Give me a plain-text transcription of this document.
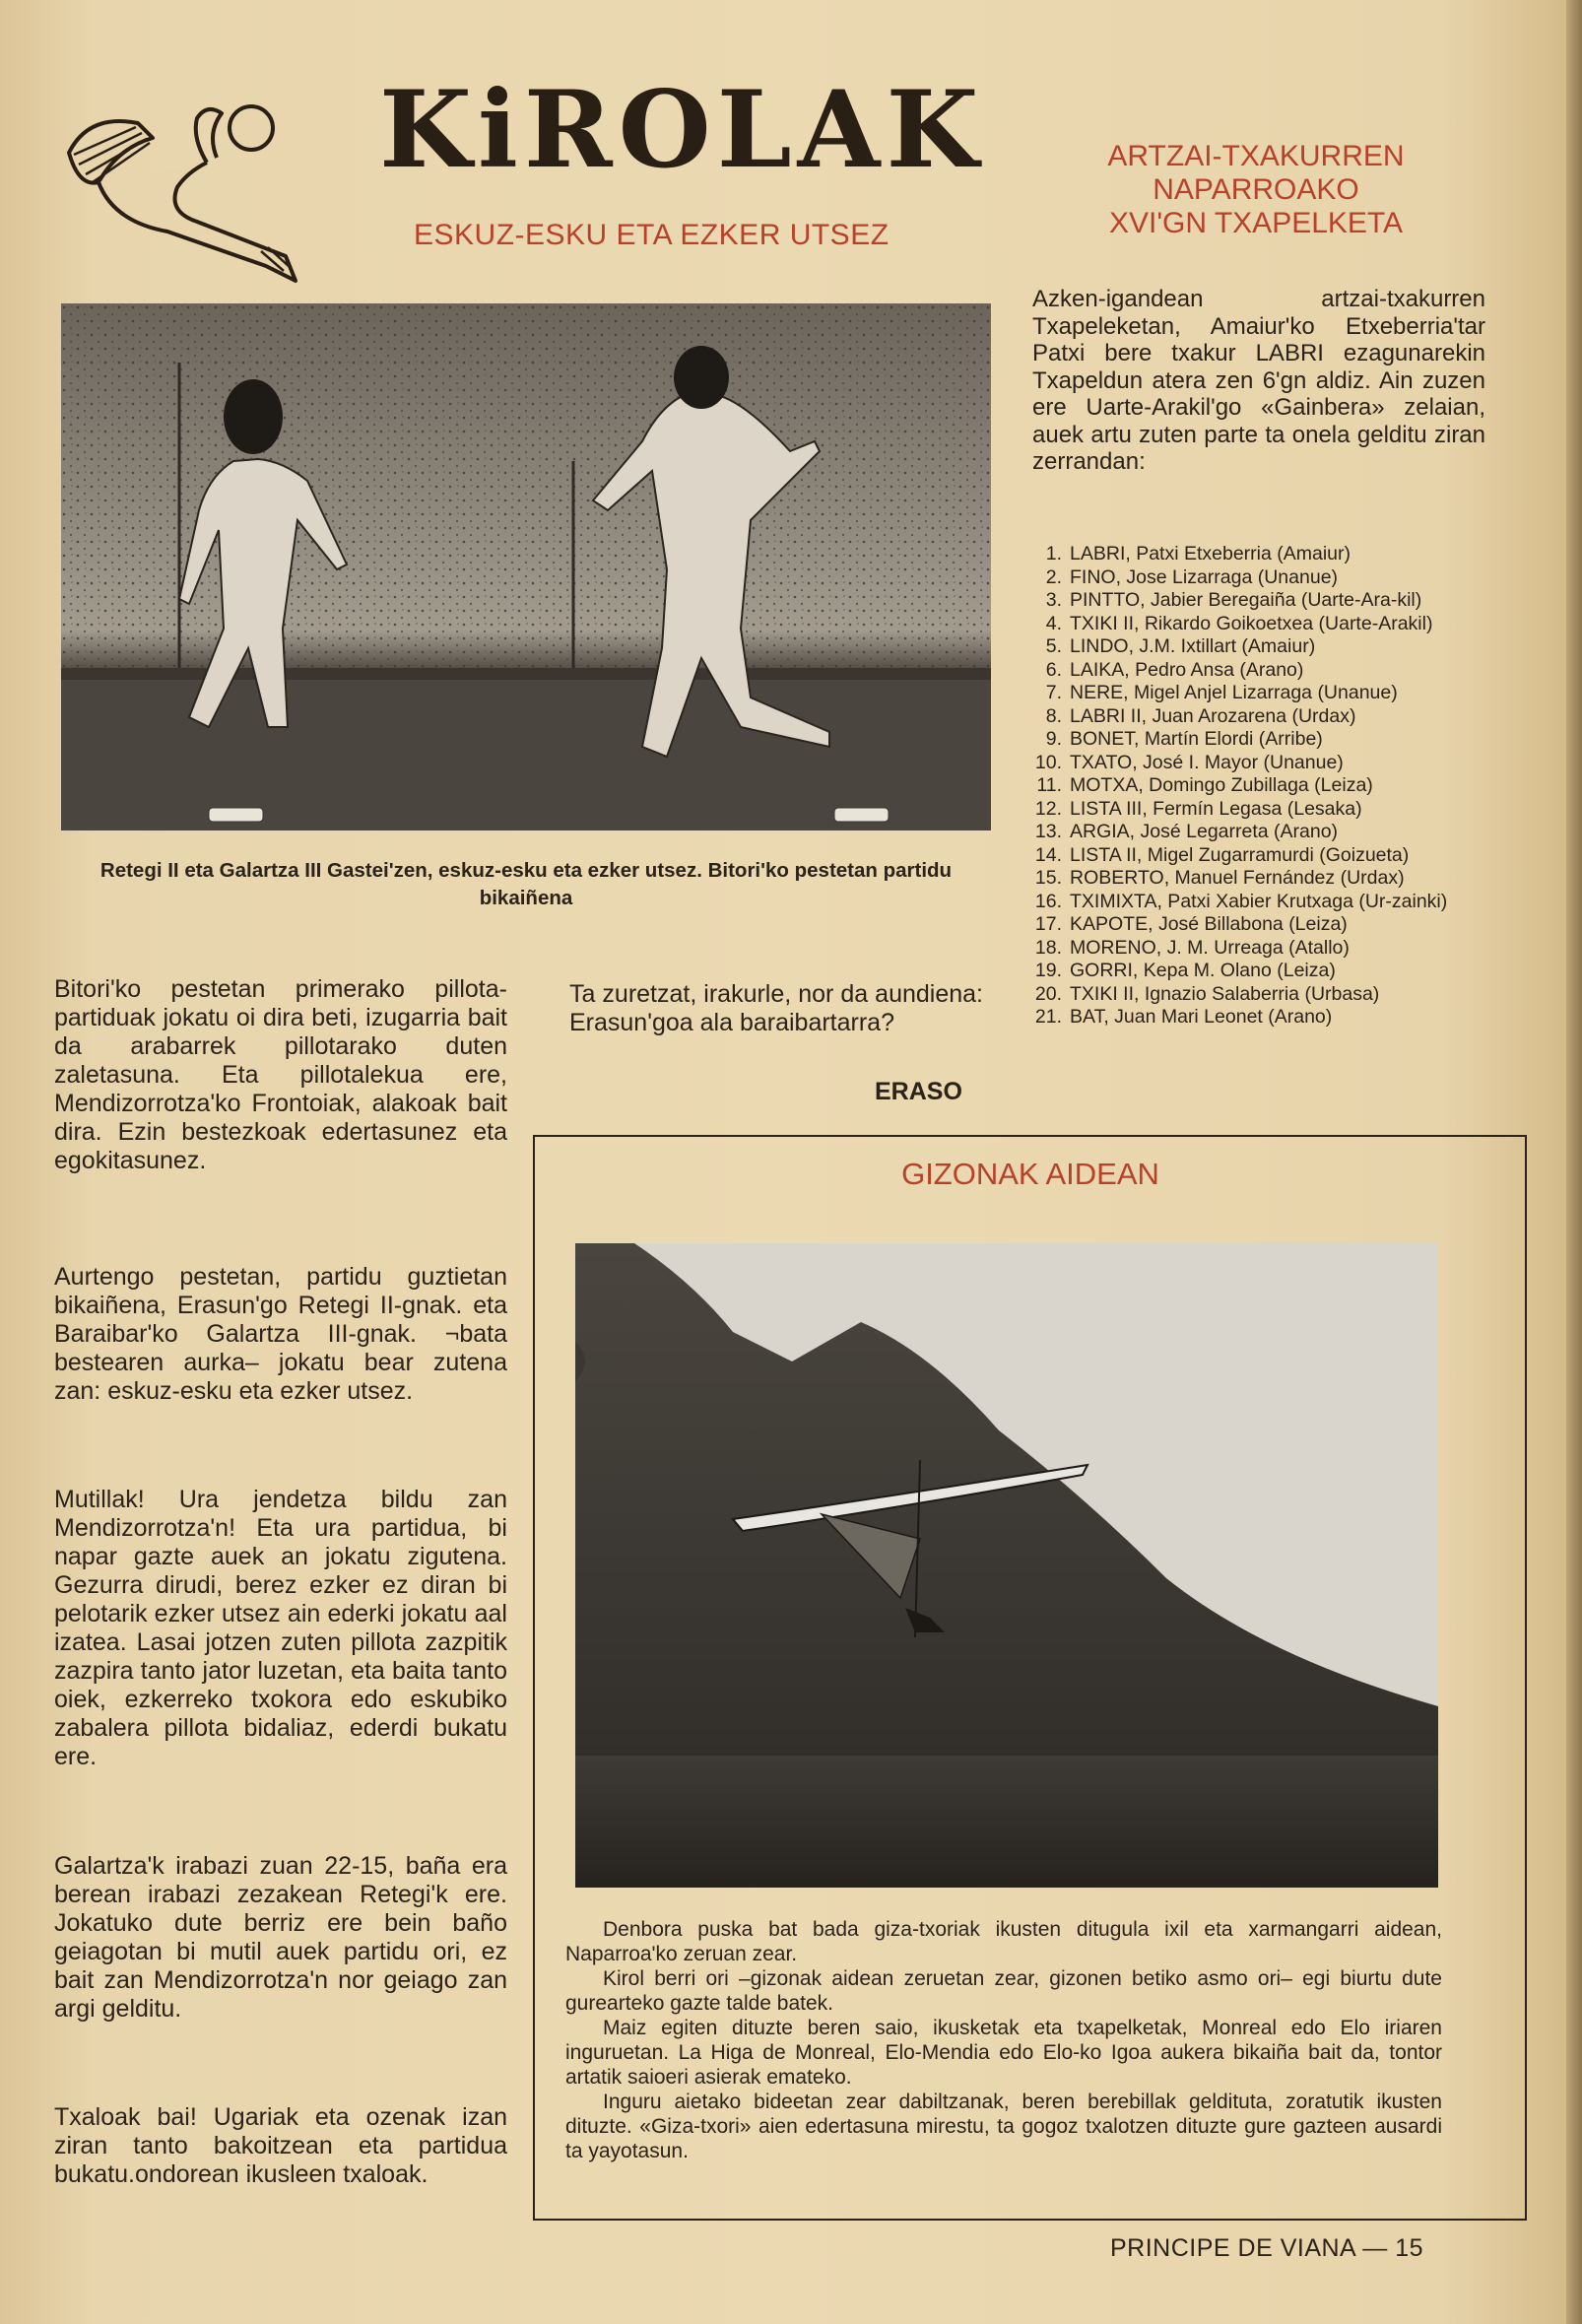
KiROLAK
ESKUZ-ESKU ETA EZKER UTSEZ
Retegi II eta Galartza III Gastei'zen, eskuz-esku eta ezker utsez. Bitori'ko pestetan partidu bikaiñena
Bitori'ko pestetan primerako pillota-partiduak jokatu oi dira beti, izugarria bait da arabarrek pillotarako duten zaletasuna. Eta pillotalekua ere, Mendizorrotza'ko Frontoiak, alakoak bait dira. Ezin bestezkoak edertasunez eta egokitasunez.
Aurtengo pestetan, partidu guztietan bikaiñena, Erasun'go Retegi II-gnak. eta Baraibar'ko Galartza III-gnak. ¬bata bestearen aurka– jokatu bear zutena zan: eskuz-esku eta ezker utsez.
Mutillak! Ura jendetza bildu zan Mendizorrotza'n! Eta ura partidua, bi napar gazte auek an jokatu zigutena. Gezurra dirudi, berez ezker ez diran bi pelotarik ezker utsez ain ederki jokatu aal izatea. Lasai jotzen zuten pillota zazpitik zazpira tanto jator luzetan, eta baita tanto oiek, ezkerreko txokora edo eskubiko zabalera pillota bidaliaz, ederdi bukatu ere.
Galartza'k irabazi zuan 22-15, baña era berean irabazi zezakean Retegi'k ere. Jokatuko dute berriz ere bein baño geiagotan bi mutil auek partidu ori, ez bait zan Mendizorrotza'n nor geiago zan argi gelditu.
Txaloak bai! Ugariak eta ozenak izan ziran tanto bakoitzean eta partidua bukatu.ondorean ikusleen txaloak.
Ta zuretzat, irakurle, nor da aundiena: Erasun'goa ala baraibartarra?
ERASO
ARTZAI-TXAKURREN
NAPARROAKO
XVI'GN TXAPELKETA
Azken-igandean artzai-txakurren Txapeleketan, Amaiur'ko Etxeberria'tar Patxi bere txakur LABRI ezagunarekin Txapeldun atera zen 6'gn aldiz. Ain zuzen ere Uarte-Arakil'go «Gainbera» zelaian, auek artu zuten parte ta onela gelditu ziran zerrandan:
1. LABRI, Patxi Etxeberria (Amaiur)
2. FINO, Jose Lizarraga (Unanue)
3. PINTTO, Jabier Beregaiña (Uarte-Ara-kil)
4. TXIKI II, Rikardo Goikoetxea (Uarte-Arakil)
5. LINDO, J.M. Ixtillart (Amaiur)
6. LAIKA, Pedro Ansa (Arano)
7. NERE, Migel Anjel Lizarraga (Unanue)
8. LABRI II, Juan Arozarena (Urdax)
9. BONET, Martín Elordi (Arribe)
10. TXATO, José I. Mayor (Unanue)
11. MOTXA, Domingo Zubillaga (Leiza)
12. LISTA III, Fermín Legasa (Lesaka)
13. ARGIA, José Legarreta (Arano)
14. LISTA II, Migel Zugarramurdi (Goizueta)
15. ROBERTO, Manuel Fernández (Urdax)
16. TXIMIXTA, Patxi Xabier Krutxaga (Ur-zainki)
17. KAPOTE, José Billabona (Leiza)
18. MORENO, J. M. Urreaga (Atallo)
19. GORRI, Kepa M. Olano (Leiza)
20. TXIKI II, Ignazio Salaberria (Urbasa)
21. BAT, Juan Mari Leonet (Arano)
GIZONAK AIDEAN

Denbora puska bat bada giza-txoriak ikusten ditugula ixil eta xarmangarri aidean, Naparroa'ko zeruan zear.

Kirol berri ori –gizonak aidean zeruetan zear, gizonen betiko asmo ori– egi biurtu dute gurearteko gazte talde batek.

Maiz egiten dituzte beren saio, ikusketak eta txapelketak, Monreal edo Elo iriaren inguruetan. La Higa de Monreal, Elo-Mendia edo Elo-ko Igoa aukera bikaiña bait da, tontor artatik saioeri asierak emateko.

Inguru aietako bideetan zear dabiltzanak, beren berebillak geldituta, zoratutik ikusten dituzte. «Giza-txori» aien edertasuna mirestu, ta gogoz txalotzen dituzte gure gazteen ausardi ta yayotasun.

PRINCIPE DE VIANA — 15
